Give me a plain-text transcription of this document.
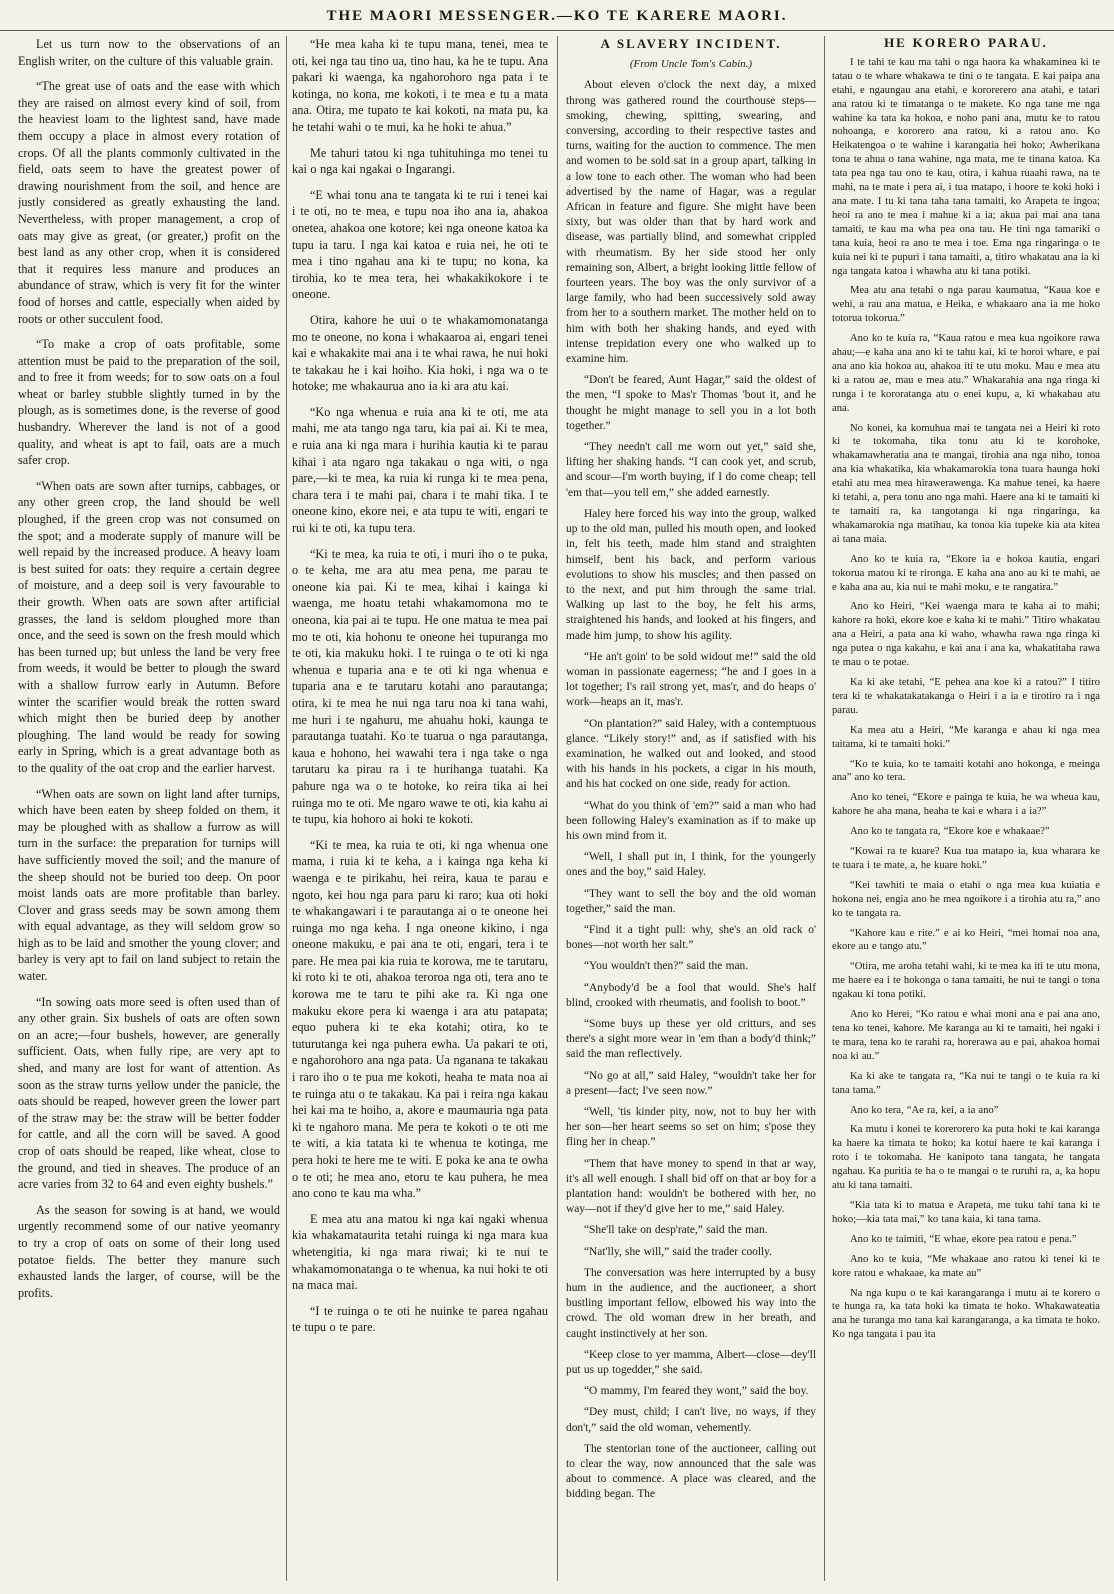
THE MAORI MESSENGER.—KO TE KARERE MAORI.

Let us turn now to the observations of an English writer, on the culture of this valuable grain.

“The great use of oats and the ease with which they are raised on almost every kind of soil, from the heaviest loam to the lightest sand, have made them occupy a place in almost every rotation of crops. Of all the plants commonly cultivated in the field, oats seem to have the greatest power of drawing nourishment from the soil, and hence are justly considered as greatly exhausting the land. Nevertheless, with proper management, a crop of oats may give as great, (or greater,) profit on the best land as any other crop, when it is considered that it requires less manure and produces an abundance of straw, which is very fit for the winter food of horses and cattle, especially when aided by roots or other succulent food.

“To make a crop of oats profitable, some attention must be paid to the preparation of the soil, and to free it from weeds; for to sow oats on a foul wheat or barley stubble slightly turned in by the plough, as is sometimes done, is the reverse of good husbandry. Wherever the land is not of a good quality, and wheat is apt to fail, oats are a much safer crop.

“When oats are sown after turnips, cabbages, or any other green crop, the land should be well ploughed, if the green crop was not consumed on the spot; and a moderate supply of manure will be well repaid by the increased produce. A heavy loam is best suited for oats: they require a certain degree of moisture, and a deep soil is very favourable to their growth. When oats are sown after artificial grasses, the land is seldom ploughed more than once, and the seed is sown on the fresh mould which has been turned up; but unless the land be very free from weeds, it would be better to plough the sward with a shallow furrow early in Autumn. Before winter the scarifier would break the rotten sward which might then be buried deep by another ploughing. The land would be ready for sowing early in Spring, which is a great advantage both as to the quality of the oat crop and the earlier harvest.

“When oats are sown on light land after turnips, which have been eaten by sheep folded on them, it may be ploughed with as shallow a furrow as will turn in the surface: the preparation for turnips will have sufficiently moved the soil; and the manure of the sheep should not be buried too deep. On poor moist lands oats are more profitable than barley. Clover and grass seeds may be sown among them with equal advantage, as they will seldom grow so high as to be laid and smother the young clover; and barley is very apt to fail on land subject to retain the water.

“In sowing oats more seed is often used than of any other grain. Six bushels of oats are often sown on an acre;—four bushels, however, are generally sufficient. Oats, when fully ripe, are very apt to shed, and many are lost for want of attention. As soon as the straw turns yellow under the panicle, the oats should be reaped, however green the lower part of the straw may be: the straw will be better fodder for cattle, and all the corn will be saved. A good crop of oats should be reaped, like wheat, close to the ground, and tied in sheaves. The produce of an acre varies from 32 to 64 and even eighty bushels.”

As the season for sowing is at hand, we would urgently recommend some of our native yeomanry to try a crop of oats on some of their long used potatoe fields. The better they manure such exhausted lands the larger, of course, will be the profits.

“He mea kaha ki te tupu mana, tenei, mea te oti, kei nga tau tino ua, tino hau, ka he te tupu. Ana pakari ki waenga, ka ngahorohoro nga pata i te kotinga, no kona, me kokoti, i te mea e tu a mata ana. Otira, me tupato te kai kokoti, na mata pu, ka he tetahi wahi o te mui, ka he hoki te ahua.”

Me tahuri tatou ki nga tuhituhinga mo tenei tu kai o nga kai ngakai o Ingarangi.

“E whai tonu ana te tangata ki te rui i tenei kai i te oti, no te mea, e tupu noa iho ana ia, ahakoa onetea, ahakoa one kotore; kei nga oneone katoa ka tupu ia taru. I nga kai katoa e ruia nei, he oti te mea i tino ngahau ana ki te tupu; no kona, ka tirohia, ko te mea tera, hei whakakikokore i te oneone.

Otira, kahore he uui o te whakamomonatanga mo te oneone, no kona i whakaaroa ai, engari tenei kai e whakakite mai ana i te whai rawa, he nui hoki te takakau he i kai hoiho. Kia hoki, i nga wa o te hotoke; me whakaurua ano ia ki ara atu kai.

“Ko nga whenua e ruia ana ki te oti, me ata mahi, me ata tango nga taru, kia pai ai. Ki te mea, e ruia ana ki nga mara i hurihia kautia ki te parau kihai i ata ngaro nga takakau o nga witi, o nga pare,—ki te mea, ka ruia ki runga ki te mea pena, chara tera i te mahi pai, chara i te mahi tika. I te oneone kino, ekore nei, e ata tupu te witi, engari te rui ki te oti, ka tupu tera.

“Ki te mea, ka ruia te oti, i muri iho o te puka, o te keha, me ara atu mea pena, me parau te oneone kia pai. Ki te mea, kihai i kainga ki waenga, me hoatu tetahi whakamomona mo te oneona, kia pai ai te tupu. He one matua te mea pai mo te oti, kia hohonu te oneone hei tupuranga mo te oti, kia makuku hoki. I te ruinga o te oti ki nga whenua e tuparia ana e te oti ki nga whenua e tuparia ana e te tarutaru kotahi ano parautanga; otira, ki te mea he nui nga taru noa ki tana wahi, me huri i te ngahuru, me ahuahu hoki, kaunga te parautanga tuatahi. Ko te tuarua o nga parautanga, kaua e hohono, hei wawahi tera i nga take o nga tarutaru ka pirau ra i te hurihanga tuatahi. Ka pahure nga wa o te hotoke, ko reira tika ai hei ruinga mo te oti. Me ngaro wawe te oti, kia kahu ai te tupu, kia hohoro ai hoki te kokoti.

“Ki te mea, ka ruia te oti, ki nga whenua one mama, i ruia ki te keha, a i kainga nga keha ki waenga e te pirikahu, hei reira, kaua te parau e ngoto, kei hou nga para paru ki raro; kua oti hoki te whakangawari i te parautanga ai o te oneone hei ruinga mo nga keha. I nga oneone kikino, i nga oneone makuku, e pai ana te oti, engari, tera i te pare. He mea pai kia ruia te korowa, me te tarutaru, ki roto ki te oti, ahakoa teroroa nga oti, tera ano te korowa me te taru te pihi ake ra. Ki nga one makuku ekore pera ki waenga i ara atu patapata; equo puhera ki te eka kotahi; otira, ko te tuturutanga kei nga puhera ewha. Ua pakari te oti, e ngahorohoro ana nga pata. Ua nganana te takakau i raro iho o te pua me kokoti, heaha te mata noa ai te ruinga atu o te takakau. Ka pai i reira nga kakau hei kai ma te hoiho, a, akore e maumauria nga pata ki te ngahoro mana. Me pera te kokoti o te oti me te witi, a kia tatata ki te whenua te kotinga, me pera hoki te here me te witi. E poka ke ana te owha o te oti; he mea ano, etoru te kau puhera, he mea ano cono te kau ma wha.”

E mea atu ana matou ki nga kai ngaki whenua kia whakamataurita tetahi ruinga ki nga mara kua whetengitia, ki nga mara riwai; ki te nui te whakamomonatanga o te whenua, ka nui hoki te oti na maca mai.

“I te ruinga o te oti he nuinke te parea ngahau te tupu o te pare.

A SLAVERY INCIDENT.

(From Uncle Tom's Cabin.)

About eleven o'clock the next day, a mixed throng was gathered round the courthouse steps—smoking, chewing, spitting, swearing, and conversing, according to their respective tastes and turns, waiting for the auction to commence. The men and women to be sold sat in a group apart, talking in a low tone to each other. The woman who had been advertised by the name of Hagar, was a regular African in feature and figure. She might have been sixty, but was older than that by hard work and disease, was partially blind, and somewhat crippled with rheumatism. By her side stood her only remaining son, Albert, a bright looking little fellow of fourteen years. The boy was the only survivor of a large family, who had been successively sold away from her to a southern market. The mother held on to him with both her shaking hands, and eyed with intense trepidation every one who walked up to examine him.

“Don't be feared, Aunt Hagar,” said the oldest of the men, “I spoke to Mas'r Thomas 'bout it, and he thought he might manage to sell you in a lot both together.”

“They needn't call me worn out yet,” said she, lifting her shaking hands. “I can cook yet, and scrub, and scour—I'm worth buying, if I do come cheap; tell 'em that—you tell em,” she added earnestly.

Haley here forced his way into the group, walked up to the old man, pulled his mouth open, and looked in, felt his teeth, made him stand and straighten himself, bent his back, and perform various evolutions to show his muscles; and then passed on to the next, and put him through the same trial. Walking up last to the boy, he felt his arms, straightened his hands, and looked at his fingers, and made him jump, to show his agility.

“He an't goin' to be sold widout me!” said the old woman in passionate eagerness; “he and I goes in a lot together; I's rail strong yet, mas'r, and do heaps o' work—heaps an it, mas'r.

“On plantation?” said Haley, with a contemptuous glance. “Likely story!” and, as if satisfied with his examination, he walked out and looked, and stood with his hands in his pockets, a cigar in his mouth, and his hat cocked on one side, ready for action.

“What do you think of 'em?” said a man who had been following Haley's examination as if to make up his own mind from it.

“Well, I shall put in, I think, for the youngerly ones and the boy,” said Haley.

“They want to sell the boy and the old woman together,” said the man.

“Find it a tight pull: why, she's an old rack o' bones—not worth her salt.”

“You wouldn't then?” said the man.

“Anybody'd be a fool that would. She's half blind, crooked with rheumatis, and foolish to boot.”

“Some buys up these yer old critturs, and ses there's a sight more wear in 'em than a body'd think;” said the man reflectively.

“No go at all,” said Haley, “wouldn't take her for a present—fact; I've seen now.”

“Well, 'tis kinder pity, now, not to buy her with her son—her heart seems so set on him; s'pose they fling her in cheap.”

“Them that have money to spend in that ar way, it's all well enough. I shall bid off on that ar boy for a plantation hand: wouldn't be bothered with her, no way—not if they'd give her to me,” said Haley.

“She'll take on desp'rate,” said the man.

“Nat'lly, she will,” said the trader coolly.

The conversation was here interrupted by a busy hum in the audience, and the auctioneer, a short bustling important fellow, elbowed his way into the crowd. The old woman drew in her breath, and caught instinctively at her son.

“Keep close to yer mamma, Albert—close—dey'll put us up togedder,” she said.

“O mammy, I'm feared they wont,” said the boy.

“Dey must, child; I can't live, no ways, if they don't,” said the old woman, vehemently.

The stentorian tone of the auctioneer, calling out to clear the way, now announced that the sale was about to commence. A place was cleared, and the bidding began. The

HE KORERO PARAU.

I te tahi te kau ma tahi o nga haora ka whakaminea ki te tatau o te whare whakawa te tini o te tangata. E kai paipa ana etahi, e ngaungau ana etahi, e kororerero ana atahi, e tatari ana ratou ki te timatanga o te makete. Ko nga tane me nga wahine ka tata ka hokoa, e noho pani ana, mutu ke to ratou nohoanga, e kororero ana ratou, ki a ratou ano. Ko Heikatengoa o te wahine i karangatia hei hoko; Awherikana tona te ahua o tana wahine, nga mata, me te tinana katoa. Ka tata pea nga tau ono te kau, otira, i kahua ruaahi rawa, na te mahi, na te mate i pera ai, i tua matapo, i hoore te koki hoki i ana mate. I tu ki tana taha tana tamaiti, ko Arapeta te ingoa; heoi ra ano te mea i mahue ki a ia; akua pai mai ana tana tamaiti, te kau ma wha pea ona tau. He tini nga tamariki o tana kuia, heoi ra ano te mea i toe. Ema nga ringaringa o te kuia nei ki te pupuri i tana tamaiti, a, titiro whakatau ana ia ki nga tangata katoa i whawha atu ki tana potiki.

Mea atu ana tetahi o nga parau kaumatua, “Kaua koe e wehi, a rau ana matua, e Heika, e whakaaro ana ia me hoko totorua tokorua.”

Ano ko te kuia ra, “Kaua ratou e mea kua ngoikore rawa ahau;—e kaha ana ano ki te tahu kai, ki te horoi whare, e pai ana ano kia hokoa au, ahakoa iti te utu moku. Mau e mea atu ki a ratou ae, mau e mea atu.” Whakarahia ana nga ringa ki runga i te kororatanga atu o enei kupu, a, ki whakahau atu ana.

No konei, ka komuhua mai te tangata nei a Heiri ki roto ki te tokomaha, tika tonu atu ki te korohoke, whakamawheratia ana te mangai, tirohia ana nga niho, tonoa ana kia whakatika, kia whakamarokia tona tuara haunga hoki etahi atu mea mea hirawerawenga. Ka mahue tenei, ka haere ki tetahi, a, pera tonu ano nga mahi. Haere ana ki te tamaiti ki te tamaiti ra, ka tangotanga ki nga ringaringa, ka whakamarokia nga matihau, ka tonoa kia tupeke kia ata kitea ai tana maia.

Ano ko te kuia ra, “Ekore ia e hokoa kautia, engari tokorua matou ki te rironga. E kaha ana ano au ki te mahi, ae e kaha ana au, kia nui te mahi moku, e te rangatira.”

Ano ko Heiri, “Kei waenga mara te kaha ai to mahi; kahore ra hoki, ekore koe e kaha ki te mahi.” Titiro whakatau ana a Heiri, a pata ana ki waho, whawha rawa nga ringa ki nga putea o nga kakahu, e kai ana i ana ka, whakatitaha rawa te mau o te potae.

Ka ki ake tetahi, “E pehea ana koe ki a ratou?” I titiro tera ki te whakatakatakanga o Heiri i a ia e tirotiro ra i nga parau.

Ka mea atu a Heiri, “Me karanga e ahau ki nga mea taitama, ki te tamaiti hoki.”

“Ko te kuia, ko te tamaiti kotahi ano hokonga, e meinga ana” ano ko tera.

Ano ko tenei, “Ekore e painga te kuia, he wa wheua kau, kahore he aha mana, heaha te kai e whara i a ia?”

Ano ko te tangata ra, “Ekore koe e whakaae?”

“Kowai ra te kuare? Kua tua matapo ia, kua wharara ke te tuara i te mate, a, he kuare hoki.”

“Kei tawhiti te maia o etahi o nga mea kua kuiatia e hokona nei, engia ano he mea ngoikore i a tirohia atu ra,” ano ko te tangata ra.

“Kahore kau e rite.” e ai ko Heiri, “mei homai noa ana, ekore au e tango atu.”

“Otira, me aroha tetahi wahi, ki te mea ka iti te utu mona, me haere ea i te hokonga o tana tamaiti, he nui te tangi o tona ngakau ki tona potiki.

Ano ko Herei, “Ko ratou e whai moni ana e pai ana ano, tena ko tenei, kahore. Me karanga au ki te tamaiti, hei ngaki i te mara, tena ko te rarahi ra, horerawa au e pai, ahakoa homai noa ki au.”

Ka ki ake te tangata ra, “Ka nui te tangi o te kuia ra ki tana tama.”

Ano ko tera, “Ae ra, kei, a ia ano”

Ka mutu i konei te korerorero ka puta hoki te kai karanga ka haere ka timata te hoko; ka kotui haere te kai karanga i roto i te tokomaha. He kanipoto tana tangata, he tangata ngahau. Ka puritia te ha o te mangai o te ruruhi ra, a, ka hopu atu ki tana tamaiti.

“Kia tata ki to matua e Arapeta, me tuku tahi tana ki te hoko;—kia tata mai,” ko tana kaia, ki tana tama.

Ano ko te taimiti, “E whae, ekore pea ratou e pena.”

Ano ko te kuia, “Me whakaae ano ratou ki tenei ki te kore ratou e whakaae, ka mate au”

Na nga kupu o te kai karangaranga i mutu ai te korero o te hunga ra, ka tata hoki ka timata te hoko. Whakawateatia ana he turanga mo tana kai karangaranga, a ka timata te hoko. Ko nga tangata i pau ita
